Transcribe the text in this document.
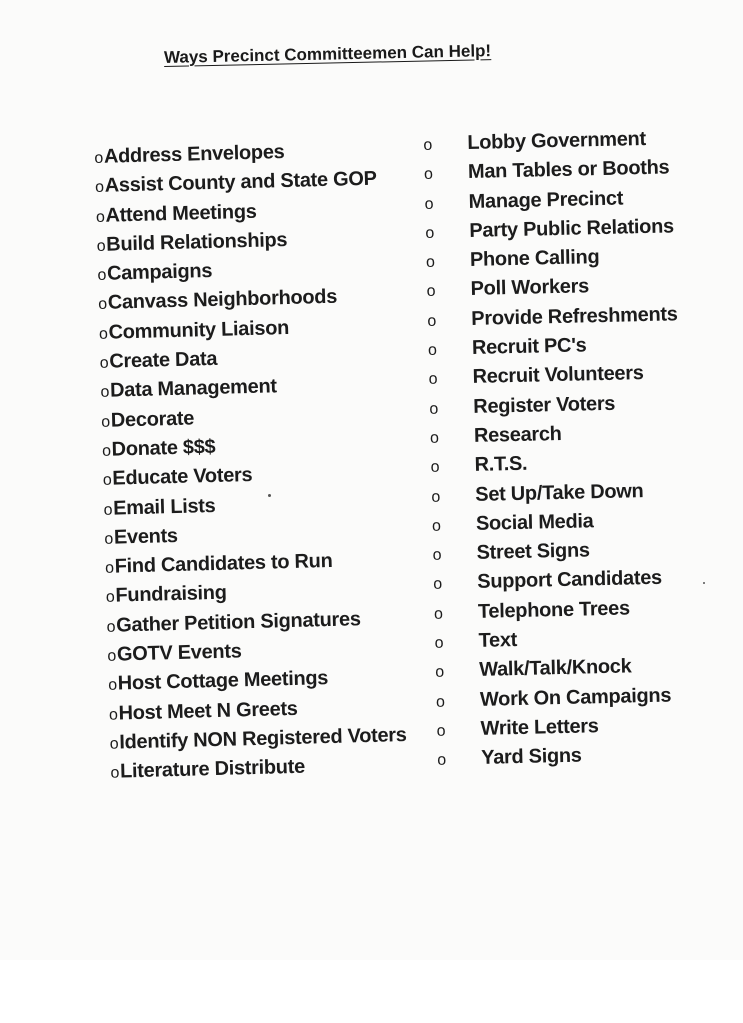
Ways Precinct Committeemen Can Help!
oAddress Envelopes
oAssist County and State GOP
oAttend Meetings
oBuild Relationships
oCampaigns
oCanvass Neighborhoods
oCommunity Liaison
oCreate Data
oData Management
oDecorate
oDonate $$$
oEducate Voters
oEmail Lists
oEvents
oFind Candidates to Run
oFundraising
oGather Petition Signatures
oGOTV Events
oHost Cottage Meetings
oHost Meet N Greets
oIdentify NON Registered Voters
oLiterature Distribute
o Lobby Government
o Man Tables or Booths
o Manage Precinct
o Party Public Relations
o Phone Calling
o Poll Workers
o Provide Refreshments
o Recruit PC's
o Recruit Volunteers
o Register Voters
o Research
o R.T.S.
o Set Up/Take Down
o Social Media
o Street Signs
o Support Candidates
o Telephone Trees
o Text
o Walk/Talk/Knock
o Work On Campaigns
o Write Letters
o Yard Signs
